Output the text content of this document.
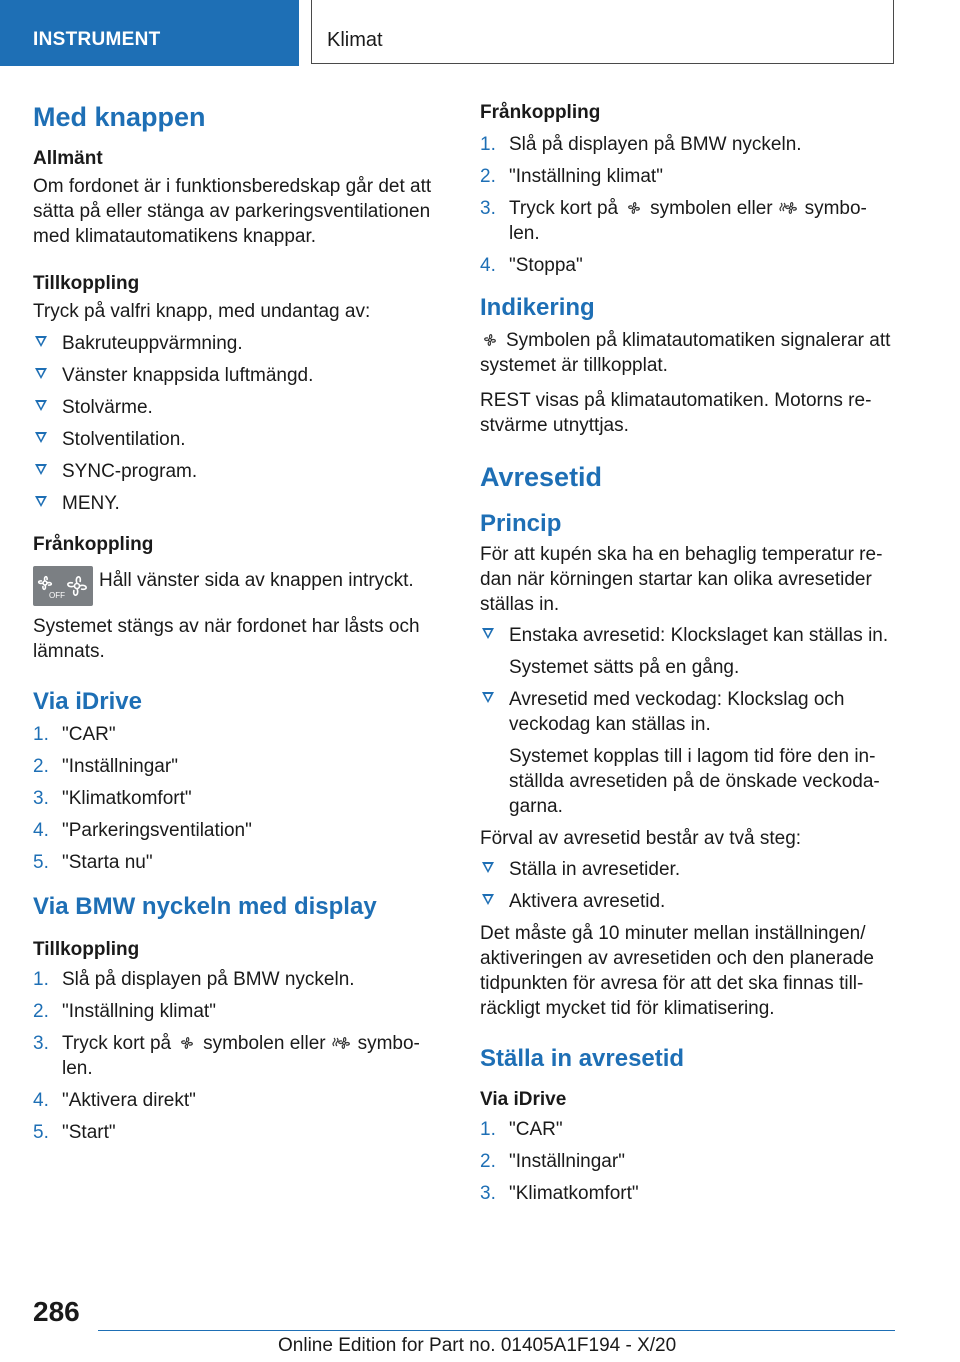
INSTRUMENT	Klimat
Med knappen
Allmänt
Om fordonet är i funktionsberedskap går det att sätta på eller stänga av parkeringsventilationen med klimatautomatikens knappar.
Tillkoppling
Tryck på valfri knapp, med undantag av:
Bakruteuppvärmning.
Vänster knappsida luftmängd.
Stolvärme.
Stolventilation.
SYNC-program.
MENY.
Frånkoppling
OFF
Håll vänster sida av knappen intryckt.
Systemet stängs av när fordonet har låsts och lämnats.
Via iDrive
1. "CAR"
2. "Inställningar"
3. "Klimatkomfort"
4. "Parkeringsventilation"
5. "Starta nu"
Via BMW nyckeln med display
Tillkoppling
1. Slå på displayen på BMW nyckeln.
2. "Inställning klimat"
3. Tryck kort på symbolen eller symbo-len.
4. "Aktivera direkt"
5. "Start"
Frånkoppling
1. Slå på displayen på BMW nyckeln.
2. "Inställning klimat"
3. Tryck kort på symbolen eller symbo-len.
4. "Stoppa"
Indikering
Symbolen på klimatautomatiken signalerar att systemet är tillkopplat.
REST visas på klimatautomatiken. Motorns re-stvärme utnyttjas.
Avresetid
Princip
För att kupén ska ha en behaglig temperatur re-dan när körningen startar kan olika avresetider ställas in.
Enstaka avresetid: Klockslaget kan ställas in.
Systemet sätts på en gång.
Avresetid med veckodag: Klockslag och veckodag kan ställas in.
Systemet kopplas till i lagom tid före den in-ställda avresetiden på de önskade veckoda-garna.
Förval av avresetid består av två steg:
Ställa in avresetider.
Aktivera avresetid.
Det måste gå 10 minuter mellan inställningen/ aktiveringen av avresetiden och den planerade tidpunkten för avresa för att det ska finnas till-räckligt mycket tid för klimatisering.
Ställa in avresetid
Via iDrive
1. "CAR"
2. "Inställningar"
3. "Klimatkomfort"
286
Online Edition for Part no. 01405A1F194 - X/20
